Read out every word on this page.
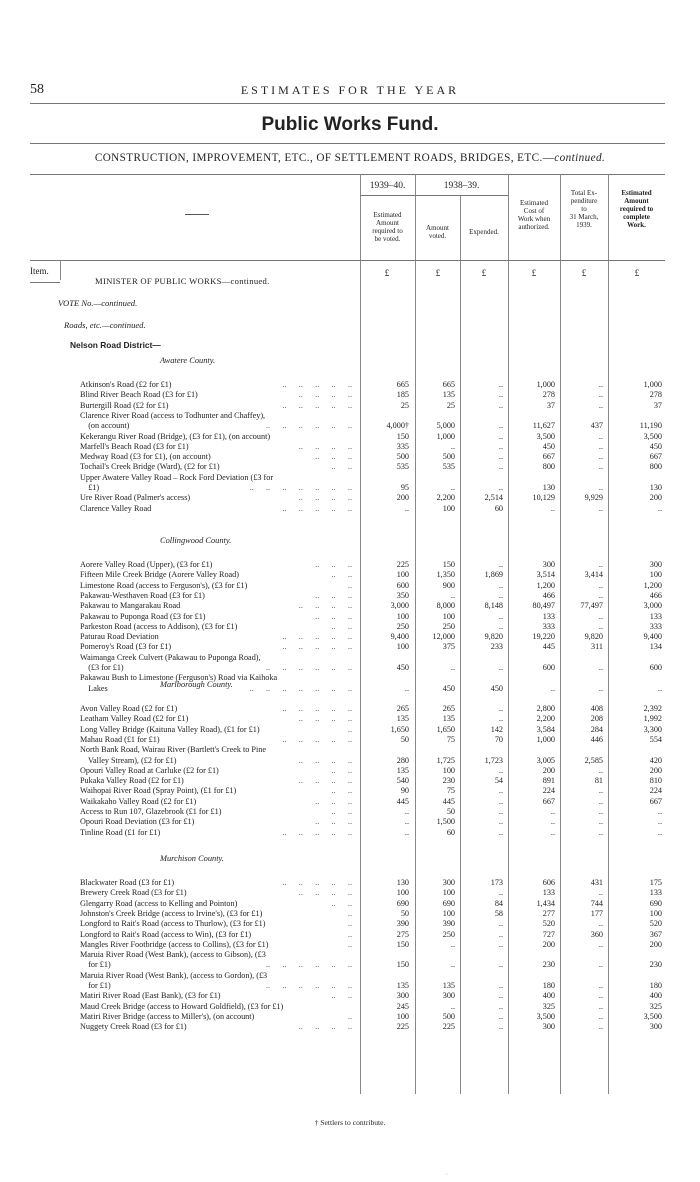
58	ESTIMATES FOR THE YEAR
Public Works Fund.
CONSTRUCTION, IMPROVEMENT, ETC., OF SETTLEMENT ROADS, BRIDGES, ETC.—continued.
1939–40.	1938–39.
Estimated
Amount
required to
be voted.
Amount
voted.	Expended.
Estimated
Cost of
Work when
authorized.
Total Ex-
penditure
to
31 March,
1939.
Estimated
Amount
required to
complete
Work.
Item.	£	£	£	£	£	£
MINISTER OF PUBLIC WORKS—continued.
VOTE No.—continued.
Roads, etc.—continued.
Nelson Road District—
Awatere County.
Atkinson's Road (£2 for £1)	..      ..      ..      ..      ..	665	665	..	1,000	..	1,000
Blind River Beach Road (£3 for £1)	..      ..      ..      ..	185	135	..	278	..	278
Burtergill Road (£2 for £1)	..      ..      ..      ..      ..	25	25	..	37	..	37
Clarence River Road (access to Todhunter and Chaffey),
(on account)	..      ..      ..      ..      ..      ..	4,000†	5,000	..	11,627	437	11,190
Kekerangu River Road (Bridge), (£3 for £1), (on account)	150	1,000	..	3,500	..	3,500
Marfell's Beach Road (£3 for £1)	..      ..      ..      ..	335	..	..	450	..	450
Medway Road (£3 for £1), (on account)	..      ..      ..	500	500	..	667	..	667
Tochail's Creek Bridge (Ward), (£2 for £1)	..      ..	535	535	..	800	..	800
Upper Awatere Valley Road – Rock Ford Deviation (£3 for
£1)	..      ..      ..      ..      ..      ..      ..	95	..	..	130	..	130
Ure River Road (Palmer's access)	..      ..      ..      ..	200	2,200	2,514	10,129	9,929	200
Clarence Valley Road	..      ..      ..      ..      ..	..	100	60	..	..	..
Collingwood County.
Aorere Valley Road (Upper), (£3 for £1)	..      ..      ..	225	150	..	300	..	300
Fifteen Mile Creek Bridge (Aorere Valley Road)	..      ..	100	1,350	1,869	3,514	3,414	100
Limestone Road (access to Ferguson's), (£3 for £1)	..	600	900	..	1,200	..	1,200
Pakawau-Westhaven Road (£3 for £1)	..      ..      ..	350	..	..	466	..	466
Pakawau to Mangarakau Road	..      ..      ..      ..	3,000	8,000	8,148	80,497	77,497	3,000
Pakawau to Puponga Road (£3 for £1)	..      ..      ..	100	100	..	133	..	133
Parkeston Road (access to Addison), (£3 for £1)	..      ..	250	250	..	333	..	333
Paturau Road Deviation	..      ..      ..      ..      ..	9,400	12,000	9,820	19,220	9,820	9,400
Pomeroy's Road (£3 for £1)	..      ..      ..      ..      ..	100	375	233	445	311	134
Waimanga Creek Culvert (Pakawau to Puponga Road),
(£3 for £1)	..      ..      ..      ..      ..      ..	450	..	..	600	..	600
Pakawau Bush to Limestone (Ferguson's) Road via Kaihoka
Lakes	..      ..      ..      ..      ..      ..      ..	..	450	450	..	..	..
Marlborough County.
Avon Valley Road (£2 for £1)	..      ..      ..      ..      ..	265	265	..	2,800	408	2,392
Leatham Valley Road (£2 for £1)	..      ..      ..      ..	135	135	..	2,200	208	1,992
Long Valley Bridge (Kaituna Valley Road), (£1 for £1)	..	1,650	1,650	142	3,584	284	3,300
Mahau Road (£1 for £1)	..      ..      ..      ..      ..	50	75	70	1,000	446	554
North Bank Road, Wairau River (Bartlett's Creek to Pine
Valley Stream), (£2 for £1)	..      ..      ..      ..	280	1,725	1,723	3,005	2,585	420
Opouri Valley Road at Carluke (£2 for £1)	..      ..	135	100	..	200	..	200
Pukaka Valley Road (£2 for £1)	..      ..      ..      ..	540	230	54	891	81	810
Waihopai River Road (Spray Point), (£1 for £1)	..      ..	90	75	..	224	..	224
Waikakaho Valley Road (£2 for £1)	..      ..      ..	445	445	..	667	..	667
Access to Run 107, Glazebrook (£1 for £1)	..      ..	..	50	..	..	..	..
Opouri Road Deviation (£3 for £1)	..      ..      ..	..	1,500	..	..	..	..
Tinline Road (£1 for £1)	..      ..      ..      ..      ..	..	60	..	..	..	..
Murchison County.
Blackwater Road (£3 for £1)	..      ..      ..      ..      ..	130	300	173	606	431	175
Brewery Creek Road (£3 for £1)	..      ..      ..      ..	100	100	..	133	..	133
Glengarry Road (access to Kelling and Pointon)	..      ..	690	690	84	1,434	744	690
Johnston's Creek Bridge (access to Irvine's), (£3 for £1)	..	50	100	58	277	177	100
Longford to Rait's Road (access to Thurlow), (£3 for £1)	..	390	390	..	520	..	520
Longford to Rait's Road (access to Win), (£3 for £1)	..	275	250	..	727	360	367
Mangles River Footbridge (access to Collins), (£3 for £1)	..	150	..	..	200	..	200
Maruia River Road (West Bank), (access to Gibson), (£3
for £1)	..      ..      ..      ..      ..      ..	150	..	..	230	..	230
Maruia River Road (West Bank), (access to Gordon), (£3
for £1)	..      ..      ..      ..      ..      ..	135	135	..	180	..	180
Matiri River Road (East Bank), (£3 for £1)	..      ..	300	300	..	400	..	400
Maud Creek Bridge (access to Howard Goldfield), (£3 for £1)	245	..	..	325	..	325
Matiri River Bridge (access to Miller's), (on account)	..	100	500	..	3,500	..	3,500
Nuggety Creek Road (£3 for £1)	..      ..      ..      ..	225	225	..	300	..	300
† Settlers to contribute.
·
